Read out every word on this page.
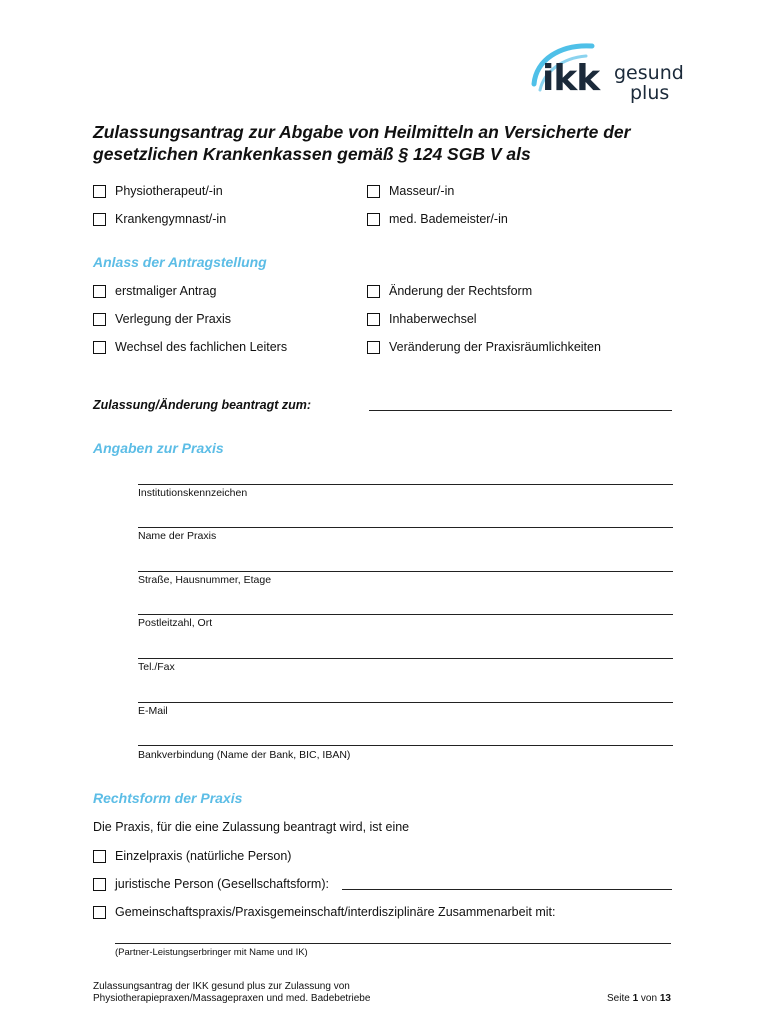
ikk gesund
plus
Zulassungsantrag zur Abgabe von Heilmitteln an Versicherte der gesetzlichen Krankenkassen gemäß § 124 SGB V als
Physiotherapeut/-in	Masseur/-in
Krankengymnast/-in	med. Bademeister/-in
Anlass der Antragstellung
erstmaliger Antrag	Änderung der Rechtsform
Verlegung der Praxis	Inhaberwechsel
Wechsel des fachlichen Leiters	Veränderung der Praxisräumlichkeiten
Zulassung/Änderung beantragt zum:
Angaben zur Praxis
Institutionskennzeichen
Name der Praxis
Straße, Hausnummer, Etage
Postleitzahl, Ort
Tel./Fax
E-Mail
Bankverbindung (Name der Bank, BIC, IBAN)
Rechtsform der Praxis
Die Praxis, für die eine Zulassung beantragt wird, ist eine
Einzelpraxis (natürliche Person)
juristische Person (Gesellschaftsform):
Gemeinschaftspraxis/Praxisgemeinschaft/interdisziplinäre Zusammenarbeit mit:
(Partner-Leistungserbringer mit Name und IK)
Zulassungsantrag der IKK gesund plus zur Zulassung von
Physiotherapiepraxen/Massagepraxen und med. Badebetriebe	Seite 1 von 13
